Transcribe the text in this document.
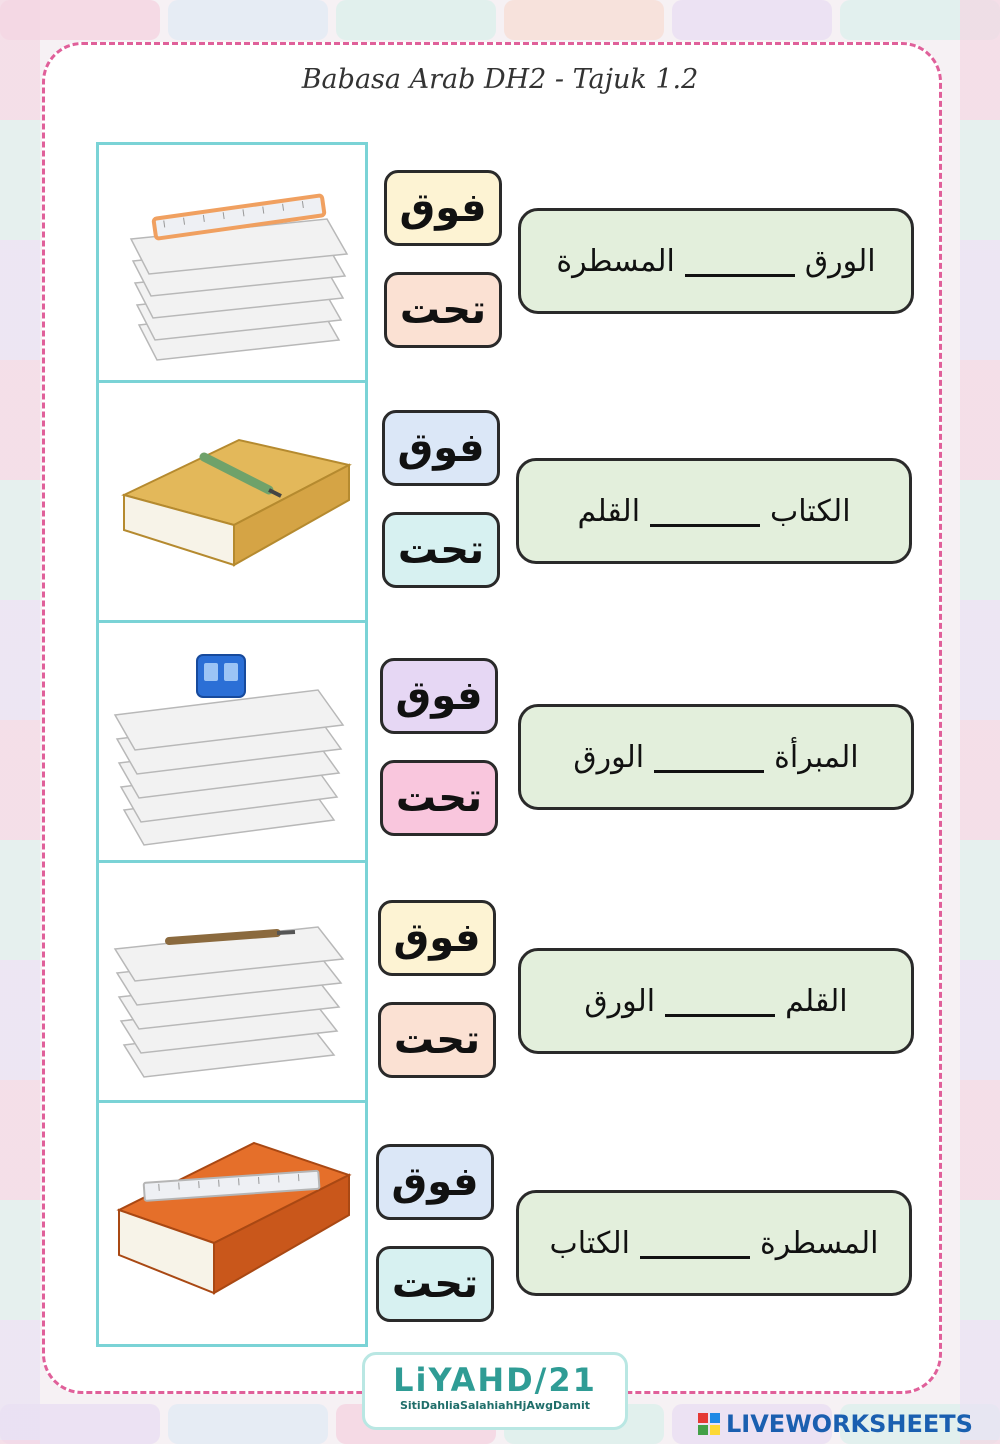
Babasa Arab DH2 - Tajuk 1.2
فوق
تحت
الورق
المسطرة
فوق
تحت
الكتاب
القلم
فوق
تحت
المبرأة
الورق
فوق
تحت
القلم
الورق
فوق
تحت
المسطرة
الكتاب
LiYAHD/21
SitiDahliaSalahiahHjAwgDamit
LIVEWORKSHEETS
